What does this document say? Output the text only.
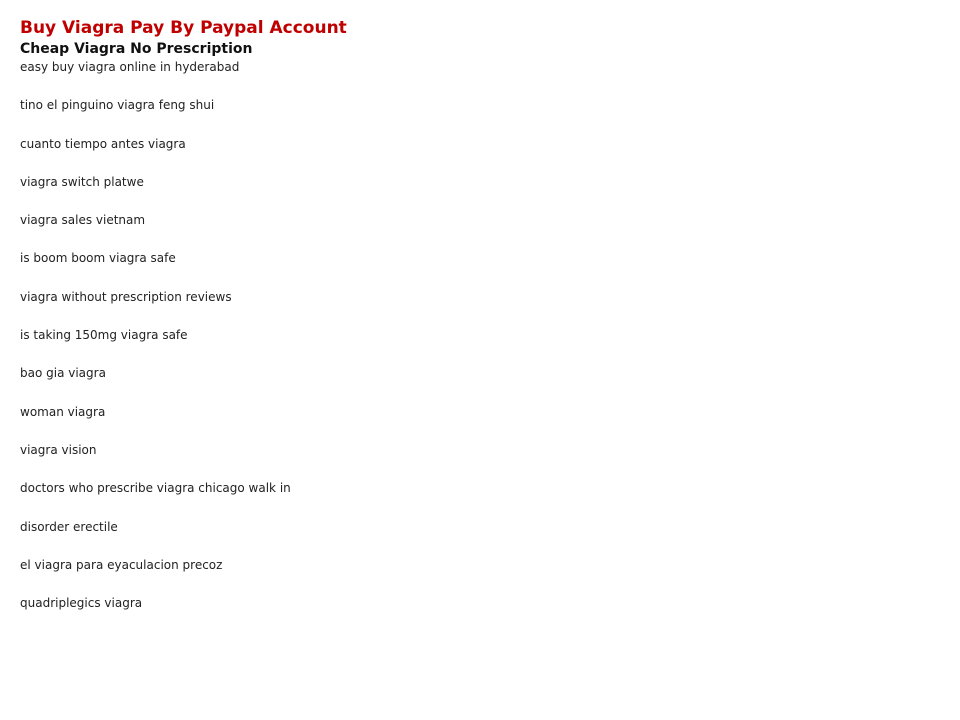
Buy Viagra Pay By Paypal Account
Cheap Viagra No Prescription
easy buy viagra online in hyderabad
tino el pinguino viagra feng shui
cuanto tiempo antes viagra
viagra switch platwe
viagra sales vietnam
is boom boom viagra safe
viagra without prescription reviews
is taking 150mg viagra safe
bao gia viagra
woman viagra
viagra vision
doctors who prescribe viagra chicago walk in
disorder erectile
el viagra para eyaculacion precoz
quadriplegics viagra
